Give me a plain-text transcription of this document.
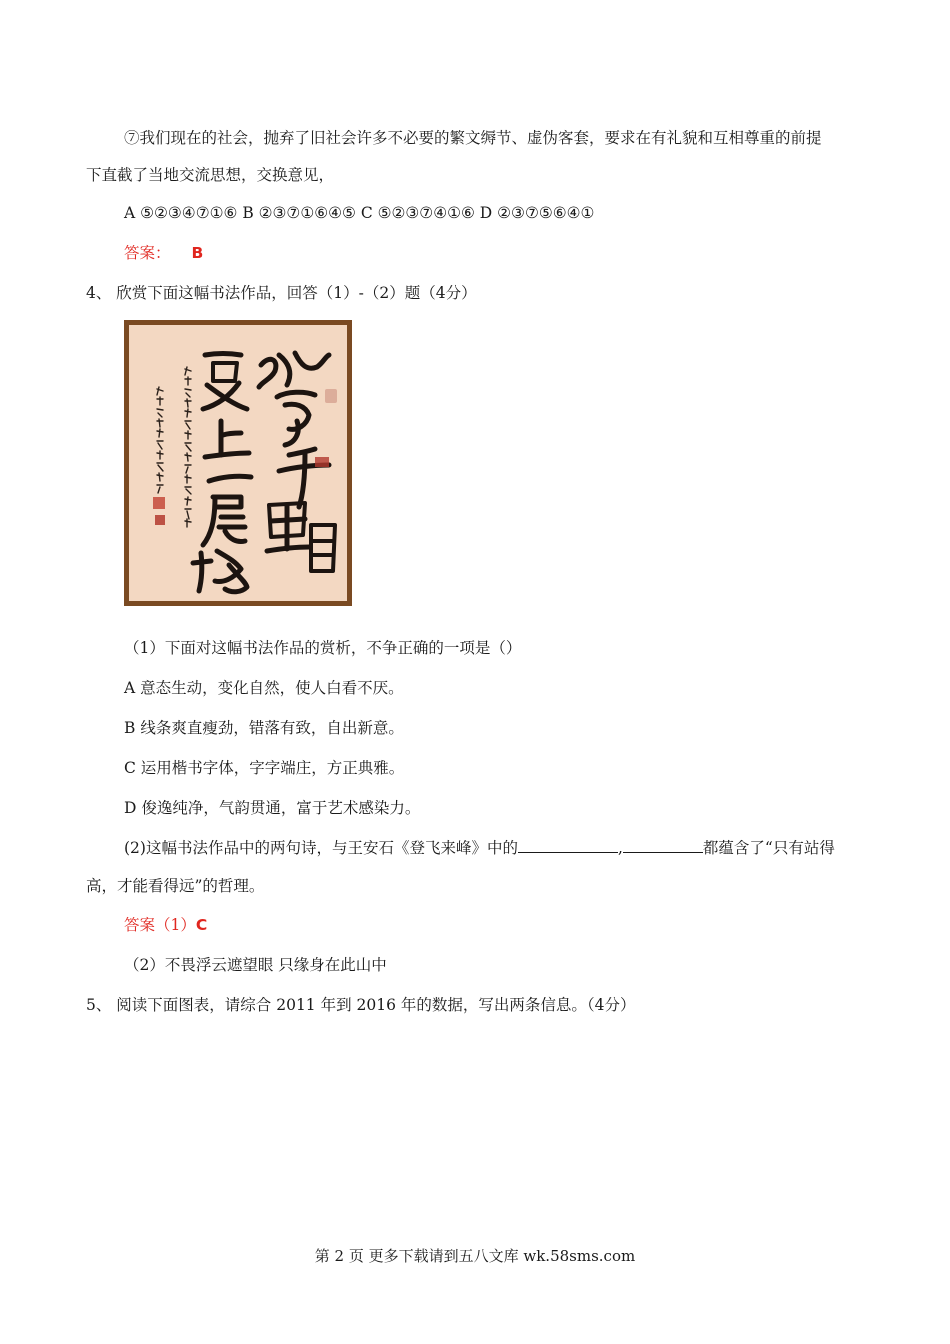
⑦我们现在的社会，抛弃了旧社会许多不必要的繁文缛节、虚伪客套，要求在有礼貌和互相尊重的前提
下直截了当地交流思想，交换意见，
A ⑤②③④⑦①⑥ B ②③⑦①⑥④⑤ C ⑤②③⑦④①⑥ D ②③⑦⑤⑥④①
答案： B
4、 欣赏下面这幅书法作品，回答（1）-（2）题（4分）
（1）下面对这幅书法作品的赏析，不争正确的一项是（）
A 意态生动，变化自然，使人白看不厌。
B 线条爽直瘦劲，错落有致，自出新意。
C 运用楷书字体，字字端庄，方正典雅。
D 俊逸纯净，气韵贯通，富于艺术感染力。
(2)这幅书法作品中的两句诗，与王安石《登飞来峰》中的	,	都蕴含了“只有站得
高，才能看得远”的哲理。
答案（1）C
（2）不畏浮云遮望眼 只缘身在此山中
5、 阅读下面图表，请综合 2011 年到 2016 年的数据，写出两条信息。（4分）
第 2 页 更多下载请到五八文库 wk.58sms.com
